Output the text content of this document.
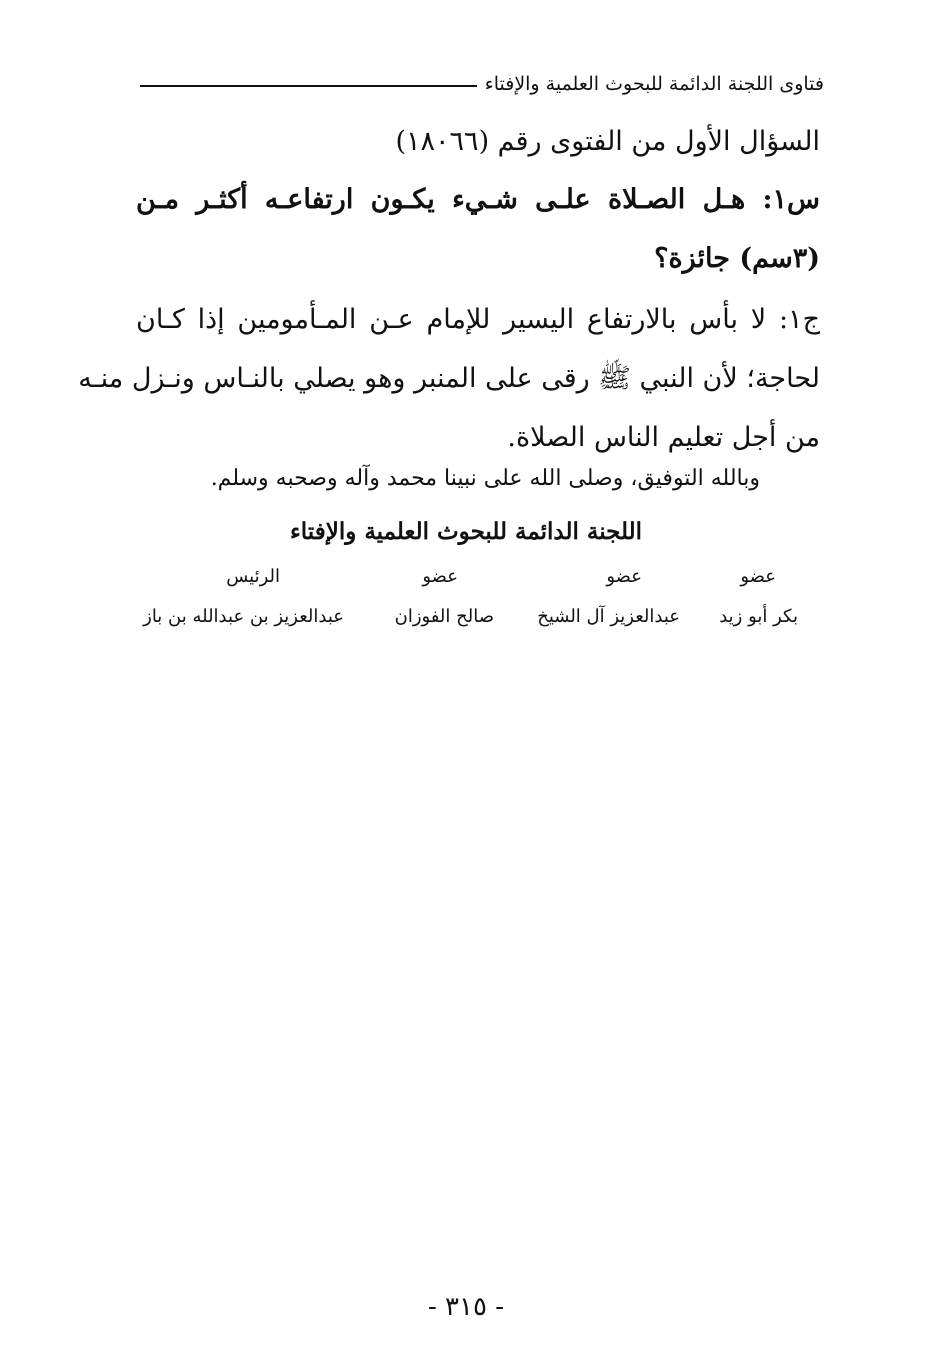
فتاوى اللجنة الدائمة للبحوث العلمية والإفتاء
السؤال الأول من الفتوى رقم (١٨٠٦٦)
س١: هـل الصـلاة علـى شـيء يكـون ارتفاعـه أكثـر مـن
(٣سم) جائزة؟
ج١: لا بأس بالارتفاع اليسير للإمام عـن المـأمومين إذا كـان
لحاجة؛ لأن النبي ﷺ رقى على المنبر وهو يصلي بالنـاس ونـزل منـه
من أجل تعليم الناس الصلاة.
وبالله التوفيق، وصلى الله على نبينا محمد وآله وصحبه وسلم.
اللجنة الدائمة للبحوث العلمية والإفتاء
عضو
عضو
عضو
الرئيس
بكر أبو زيد
عبدالعزيز آل الشيخ
صالح الفوزان
عبدالعزيز بن عبدالله بن باز
- ٣١٥ -
